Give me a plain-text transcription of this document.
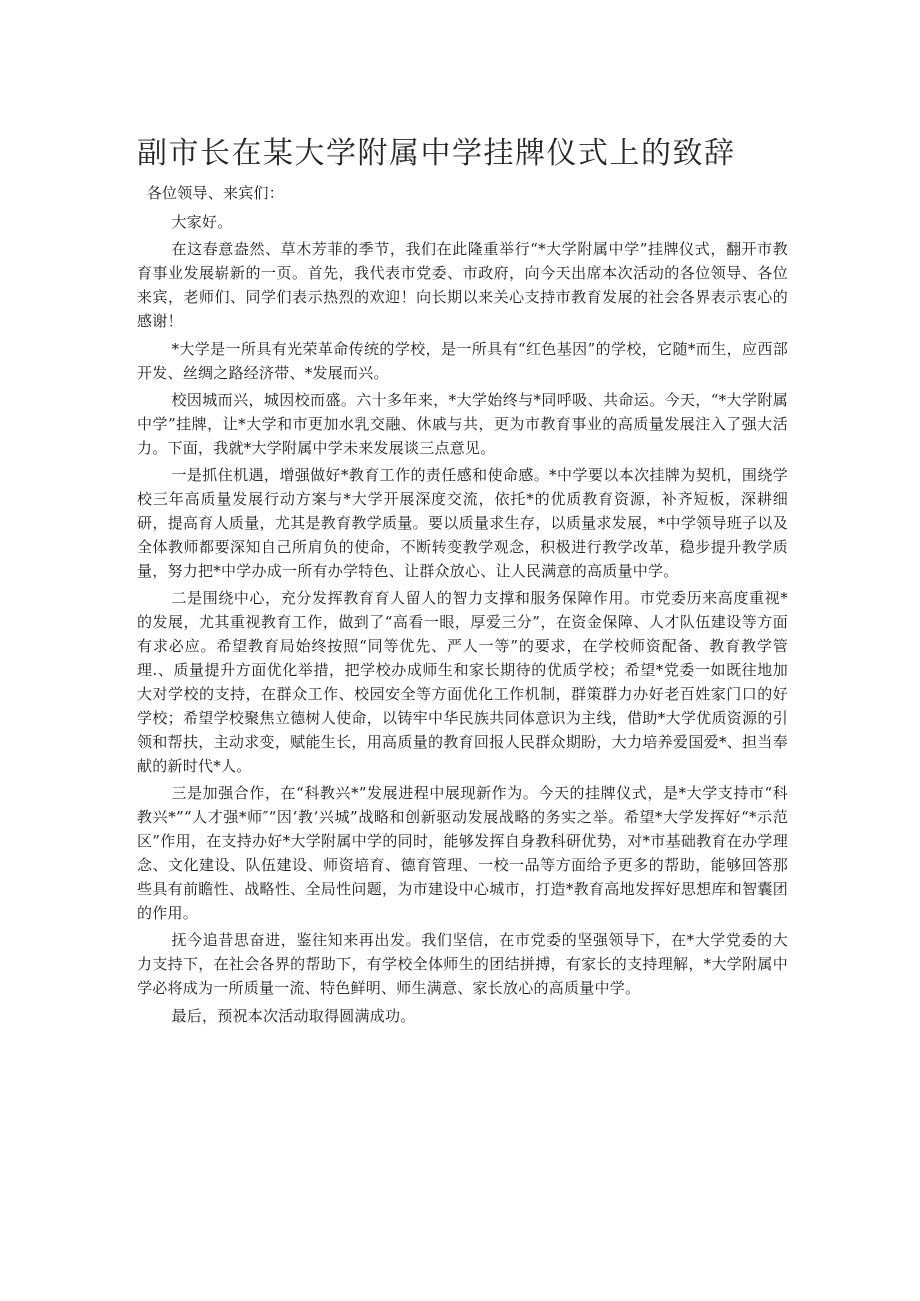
副市长在某大学附属中学挂牌仪式上的致辞

各位领导、来宾们：

大家好。

在这春意盎然、草木芳菲的季节，我们在此隆重举行“*大学附属中学”挂牌仪式，翻开市教育事业发展崭新的一页。首先，我代表市党委、市政府，向今天出席本次活动的各位领导、各位来宾，老师们、同学们表示热烈的欢迎！向长期以来关心支持市教育发展的社会各界表示衷心的感谢！

*大学是一所具有光荣革命传统的学校，是一所具有“红色基因”的学校，它随*而生，应西部开发、丝绸之路经济带、*发展而兴。

校因城而兴，城因校而盛。六十多年来，*大学始终与*同呼吸、共命运。今天，“*大学附属中学”挂牌，让*大学和市更加水乳交融、休戚与共，更为市教育事业的高质量发展注入了强大活力。下面，我就*大学附属中学未来发展谈三点意见。

一是抓住机遇，增强做好*教育工作的责任感和使命感。*中学要以本次挂牌为契机，围绕学校三年高质量发展行动方案与*大学开展深度交流，依托*的优质教育资源，补齐短板，深耕细研，提高育人质量，尤其是教育教学质量。要以质量求生存，以质量求发展，*中学领导班子以及全体教师都要深知自己所肩负的使命，不断转变教学观念，积极进行教学改革，稳步提升教学质量，努力把*中学办成一所有办学特色、让群众放心、让人民满意的高质量中学。

二是围绕中心，充分发挥教育育人留人的智力支撑和服务保障作用。市党委历来高度重视*的发展，尤其重视教育工作，做到了“高看一眼，厚爱三分”，在资金保障、人才队伍建设等方面有求必应。希望教育局始终按照“同等优先、严人一等”的要求，在学校师资配备、教育教学管理.、质量提升方面优化举措，把学校办成师生和家长期待的优质学校；希望*党委一如既往地加大对学校的支持，在群众工作、校园安全等方面优化工作机制，群策群力办好老百姓家门口的好学校；希望学校聚焦立德树人使命，以铸牢中华民族共同体意识为主线，借助*大学优质资源的引领和帮扶，主动求变，赋能生长，用高质量的教育回报人民群众期盼，大力培养爱国爱*、担当奉献的新时代*人。

三是加强合作，在“科教兴*”发展进程中展现新作为。今天的挂牌仪式，是*大学支持市“科教兴*”“人才强*师″“因‘教‘兴城”战略和创新驱动发展战略的务实之举。希望*大学发挥好“*示范区”作用，在支持办好*大学附属中学的同时，能够发挥自身教科研优势，对*市基础教育在办学理念、文化建设、队伍建设、师资培育、德育管理、一校一品等方面给予更多的帮助，能够回答那些具有前瞻性、战略性、全局性问题，为市建设中心城市，打造*教育高地发挥好思想库和智囊团的作用。

抚今追昔思奋进，鉴往知来再出发。我们坚信，在市党委的坚强领导下，在*大学党委的大力支持下，在社会各界的帮助下，有学校全体师生的团结拼搏，有家长的支持理解，*大学附属中学必将成为一所质量一流、特色鲜明、师生满意、家长放心的高质量中学。

最后，预祝本次活动取得圆满成功。
